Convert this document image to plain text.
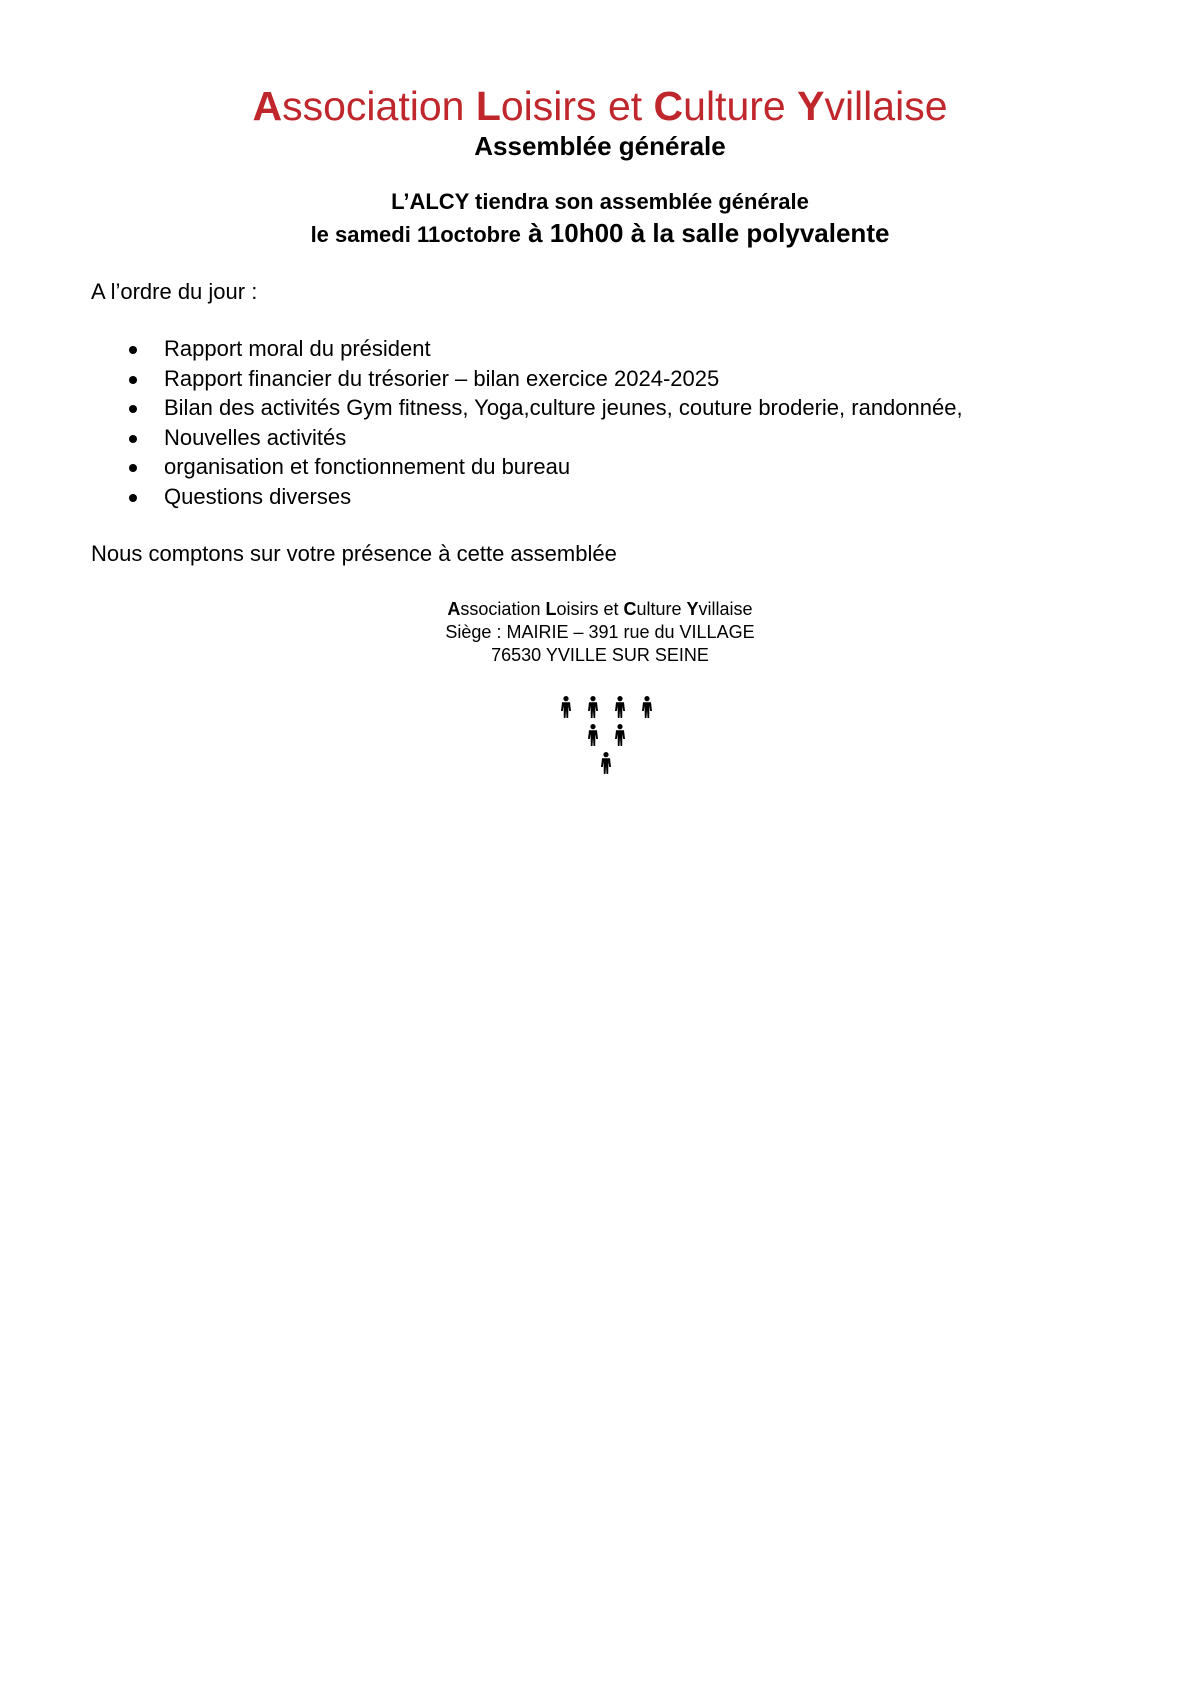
Association Loisirs et Culture Yvillaise
Assemblée générale
L’ALCY tiendra son assemblée générale
le samedi 11octobre à 10h00 à la salle polyvalente
A l’ordre du jour :
Rapport moral du président
Rapport financier du trésorier – bilan exercice 2024-2025
Bilan des activités Gym fitness, Yoga,culture jeunes, couture broderie, randonnée,
Nouvelles activités
organisation et fonctionnement du bureau
Questions diverses
Nous comptons sur votre présence à cette assemblée
Association Loisirs et Culture Yvillaise
Siège : MAIRIE – 391 rue du VILLAGE
76530 YVILLE SUR SEINE
